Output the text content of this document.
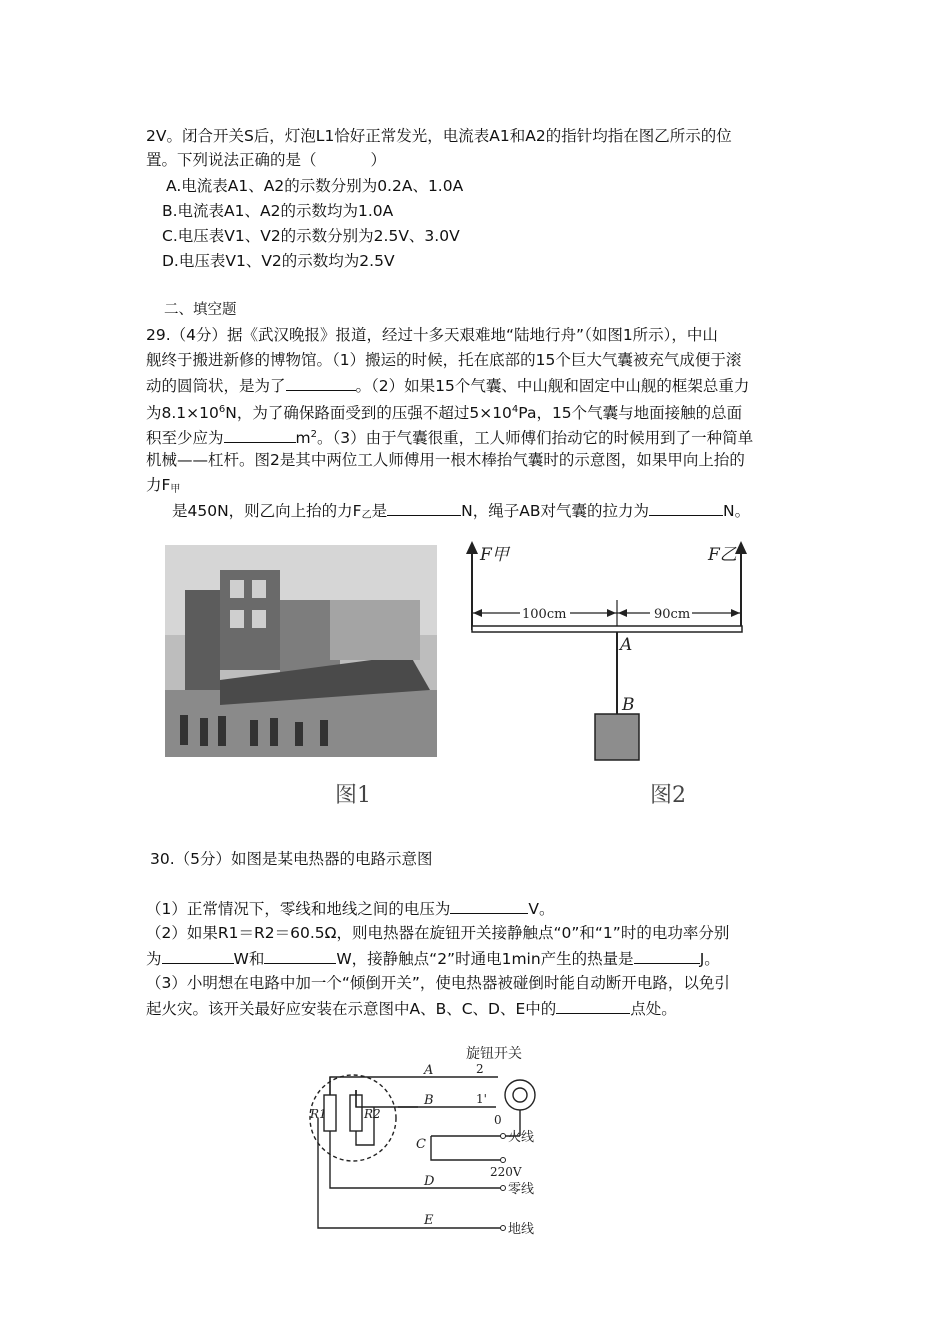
2V。闭合开关S后，灯泡L1恰好正常发光，电流表A1和A2的指针均指在图乙所示的位
置。下列说法正确的是（	）
A.电流表A1、A2的示数分别为0.2A、1.0A
B.电流表A1、A2的示数均为1.0A
C.电压表V1、V2的示数分别为2.5V、3.0V
D.电压表V1、V2的示数均为2.5V
二、填空题
29.（4分）据《武汉晚报》报道，经过十多天艰难地“陆地行舟”（如图1所示），中山
舰终于搬进新修的博物馆。（1）搬运的时候，托在底部的15个巨大气囊被充气成便于滚
动的圆筒状，是为了	。（2）如果15个气囊、中山舰和固定中山舰的框架总重力
为$8.1\times 10^6N$，为了确保路面受到的压强不超过$5\times 10^4Pa$，15个气囊与地面接触的总面
积至少应为	$m^2$。（3）由于气囊很重，工人师傅们抬动它的时候用到了一种简单
机械——杠杆。图2是其中两位工人师傅用一根木棒抬气囊时的示意图，如果甲向上抬的
力$F_甲$
是450N，则乙向上抬的力$F_乙$是	N，绳子AB对气囊的拉力为	N。
图1
F甲	F乙
100cm	90cm
A
B
图2
30.（5分）如图是某电热器的电路示意图
（1）正常情况下，零线和地线之间的电压为	V。
（2）如果R1＝R2＝60.5Ω，则电热器在旋钮开关接静触点“0”和“1”时的电功率分别
为	W和	W，接静触点“2”时通电1min产生的热量是	J。
（3）小明想在电路中加一个“倾倒开关”，使电热器被碰倒时能自动断开电路，以免引
起火灾。该开关最好应安装在示意图中A、B、C、D、E中的	点处。
旋钮开关
R1	R2
A
B
C
D
E
2
1'
0
火线
220V
零线
地线
